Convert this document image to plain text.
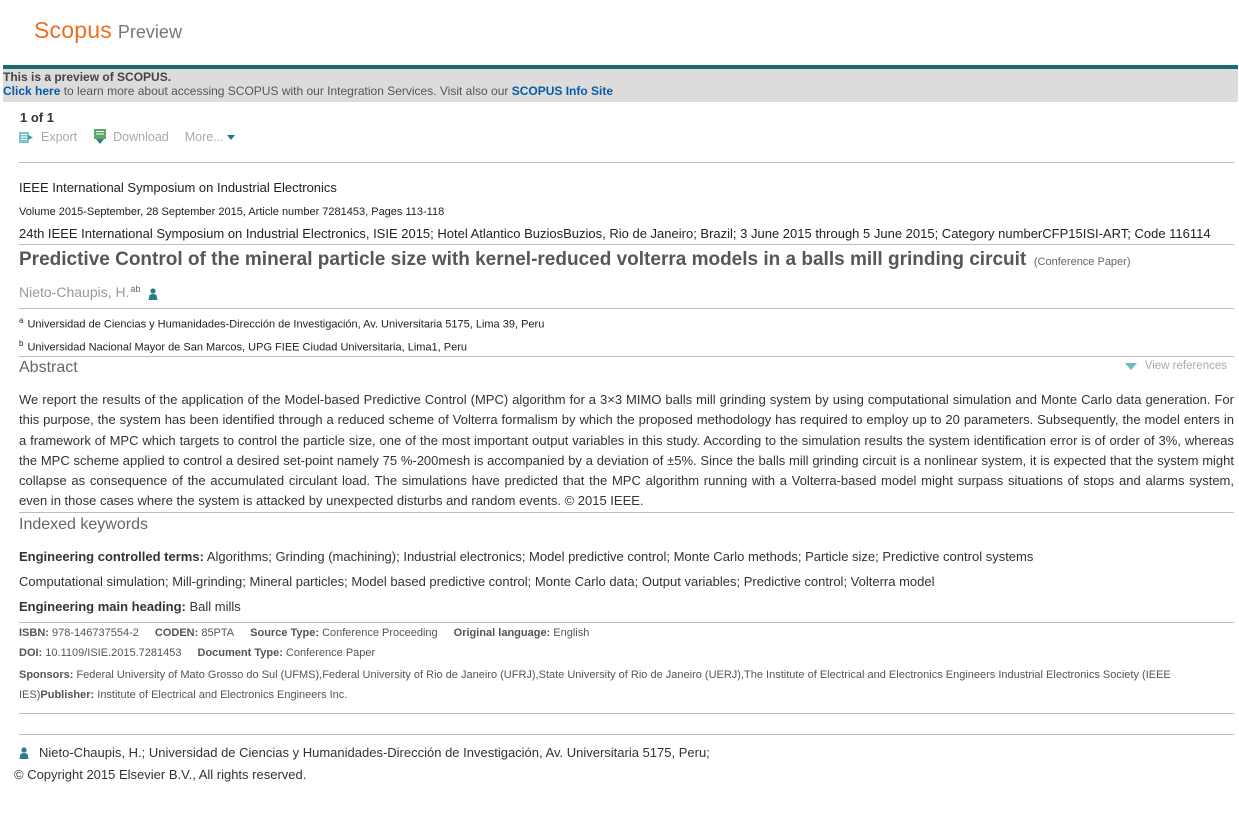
Scopus Preview
This is a preview of SCOPUS.
Click here to learn more about accessing SCOPUS with our Integration Services. Visit also our SCOPUS Info Site
1 of 1
Export	Download More...
IEEE International Symposium on Industrial Electronics
Volume 2015-September, 28 September 2015, Article number 7281453, Pages 113-118
24th IEEE International Symposium on Industrial Electronics, ISIE 2015; Hotel Atlantico BuziosBuzios, Rio de Janeiro; Brazil; 3 June 2015 through 5 June 2015; Category numberCFP15ISI-ART; Code 116114
Predictive Control of the mineral particle size with kernel-reduced volterra models in a balls mill grinding circuit (Conference Paper)
Nieto-Chaupis, H.$^{ab}$
$^a$ Universidad de Ciencias y Humanidades-Dirección de Investigación, Av. Universitaria 5175, Lima 39, Peru
$^b$ Universidad Nacional Mayor de San Marcos, UPG FIEE Ciudad Universitaria, Lima1, Peru
Abstract	View references
We report the results of the application of the Model-based Predictive Control (MPC) algorithm for a 3×3 MIMO balls mill grinding system by using computational simulation and Monte Carlo data generation. For this purpose, the system has been identified through a reduced scheme of Volterra formalism by which the proposed methodology has required to employ up to 20 parameters. Subsequently, the model enters in a framework of MPC which targets to control the particle size, one of the most important output variables in this study. According to the simulation results the system identification error is of order of 3%, whereas the MPC scheme applied to control a desired set-point namely 75 %-200mesh is accompanied by a deviation of ±5%. Since the balls mill grinding circuit is a nonlinear system, it is expected that the system might collapse as consequence of the accumulated circulant load. The simulations have predicted that the MPC algorithm running with a Volterra-based model might surpass situations of stops and alarms system, even in those cases where the system is attacked by unexpected disturbs and random events. © 2015 IEEE.
Indexed keywords
Engineering controlled terms: Algorithms; Grinding (machining); Industrial electronics; Model predictive control; Monte Carlo methods; Particle size; Predictive control systems
Computational simulation; Mill-grinding; Mineral particles; Model based predictive control; Monte Carlo data; Output variables; Predictive control; Volterra model
Engineering main heading: Ball mills
ISBN: 978-146737554-2 CODEN: 85PTA Source Type: Conference Proceeding Original language: English
DOI: 10.1109/ISIE.2015.7281453 Document Type: Conference Paper
Sponsors: Federal University of Mato Grosso do Sul (UFMS),Federal University of Rio de Janeiro (UFRJ),State University of Rio de Janeiro (UERJ),The Institute of Electrical and Electronics Engineers Industrial Electronics Society (IEEE IES)Publisher: Institute of Electrical and Electronics Engineers Inc.
Nieto-Chaupis, H.; Universidad de Ciencias y Humanidades-Dirección de Investigación, Av. Universitaria 5175, Peru;
© Copyright 2015 Elsevier B.V., All rights reserved.
